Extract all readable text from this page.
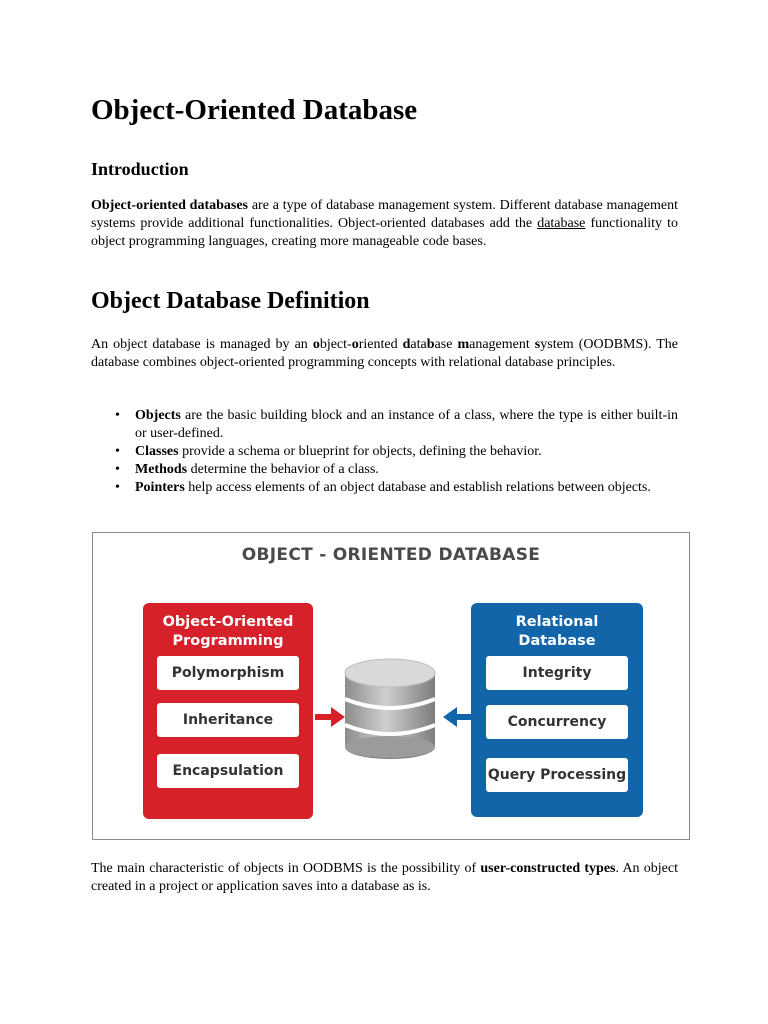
Object-Oriented Database
Introduction

Object-oriented databases are a type of database management system. Different database management systems provide additional functionalities. Object-oriented databases add the database functionality to object programming languages, creating more manageable code bases.

Object Database Definition

An object database is managed by an object-oriented database management system (OODBMS). The database combines object-oriented programming concepts with relational database principles.

• Objects are the basic building block and an instance of a class, where the type is either built-in or user-defined.
• Classes provide a schema or blueprint for objects, defining the behavior.
• Methods determine the behavior of a class.
• Pointers help access elements of an object database and establish relations between objects.

The main characteristic of objects in OODBMS is the possibility of user-constructed types. An object created in a project or application saves into a database as is.

OBJECT - ORIENTED DATABASE
Object-Oriented
Programming
Polymorphism
Inheritance
Encapsulation
Relational
Database
Integrity
Concurrency
Query Processing
